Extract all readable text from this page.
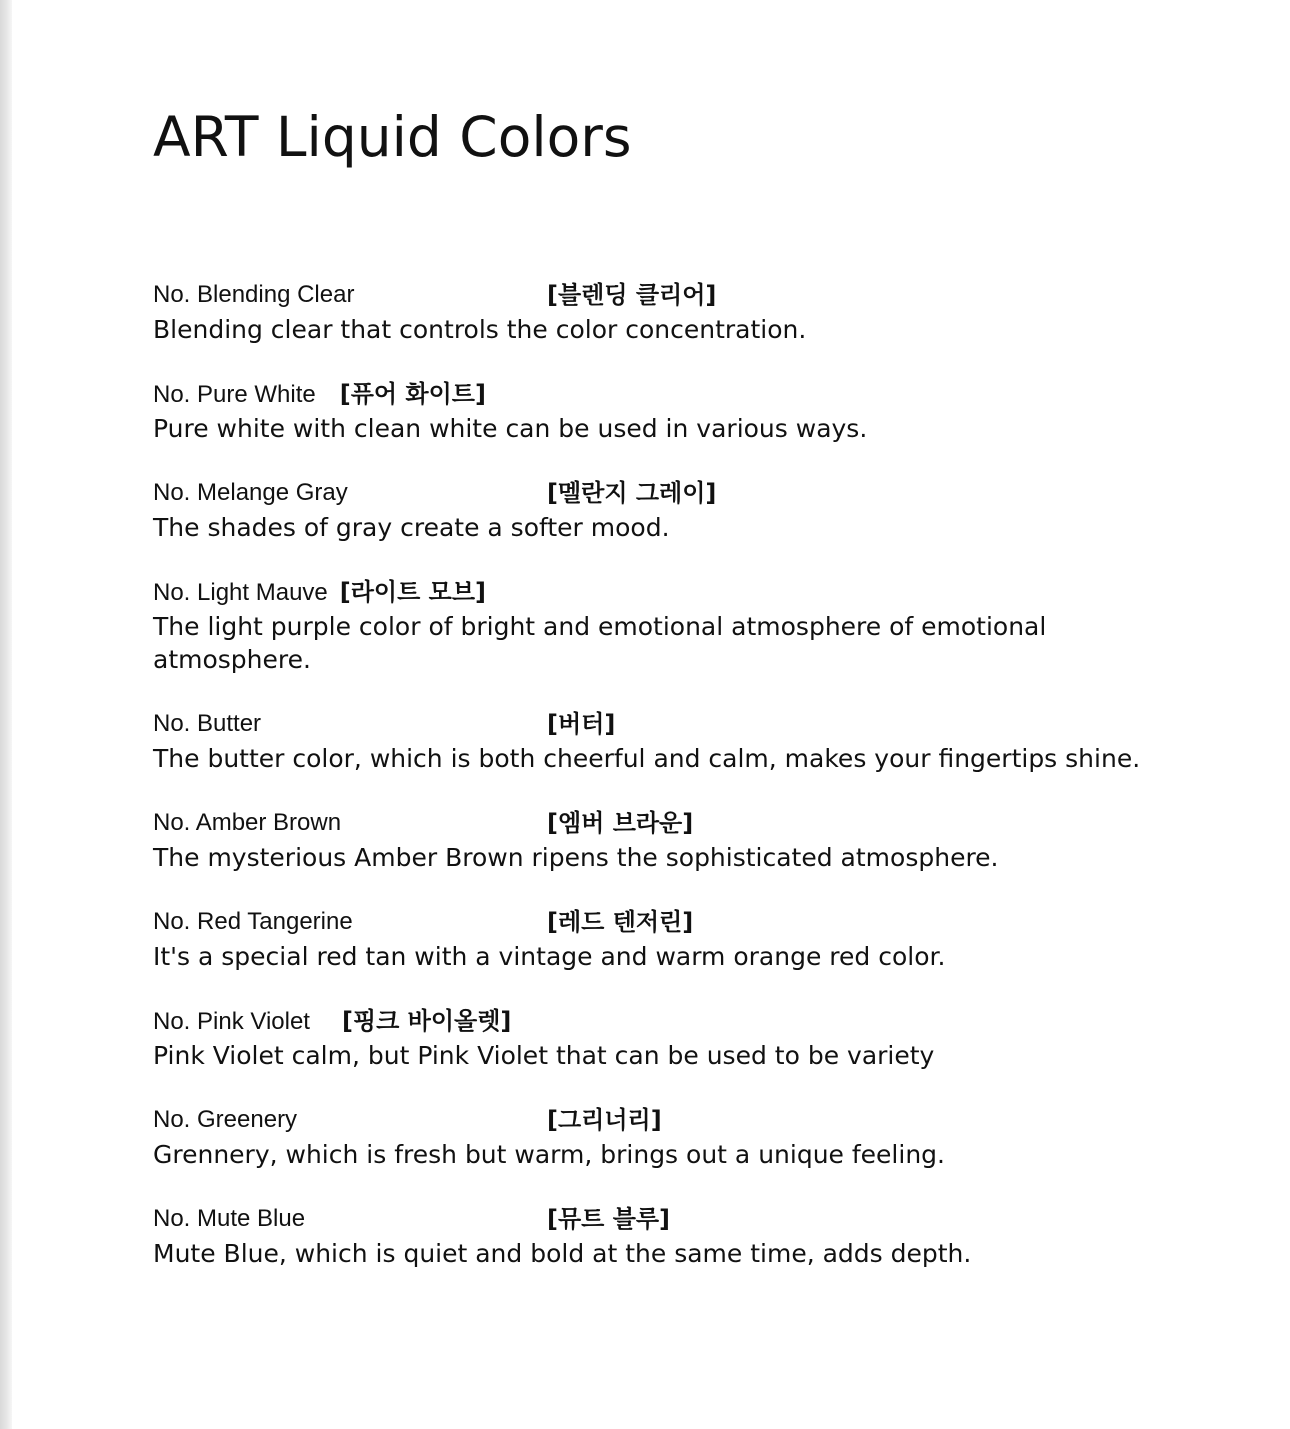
ART Liquid Colors
No. Blending Clear	[블렌딩 클리어]

Blending clear that controls the color concentration.

No. Pure White [퓨어 화이트]

Pure white with clean white can be used in various ways.

No. Melange Gray	[멜란지 그레이]

The shades of gray create a softer mood.

No. Light Mauve [라이트 모브]

The light purple color of bright and emotional atmosphere of emotional atmosphere.

No. Butter	[버터]

The butter color, which is both cheerful and calm, makes your fingertips shine.

No. Amber Brown	[엠버 브라운]

The mysterious Amber Brown ripens the sophisticated atmosphere.

No. Red Tangerine	[레드 텐저린]

It's a special red tan with a vintage and warm orange red color.

No. Pink Violet [핑크 바이올렛]

Pink Violet calm, but Pink Violet that can be used to be variety

No. Greenery	[그리너리]

Grennery, which is fresh but warm, brings out a unique feeling.

No. Mute Blue	[뮤트 블루]

Mute Blue, which is quiet and bold at the same time, adds depth.
